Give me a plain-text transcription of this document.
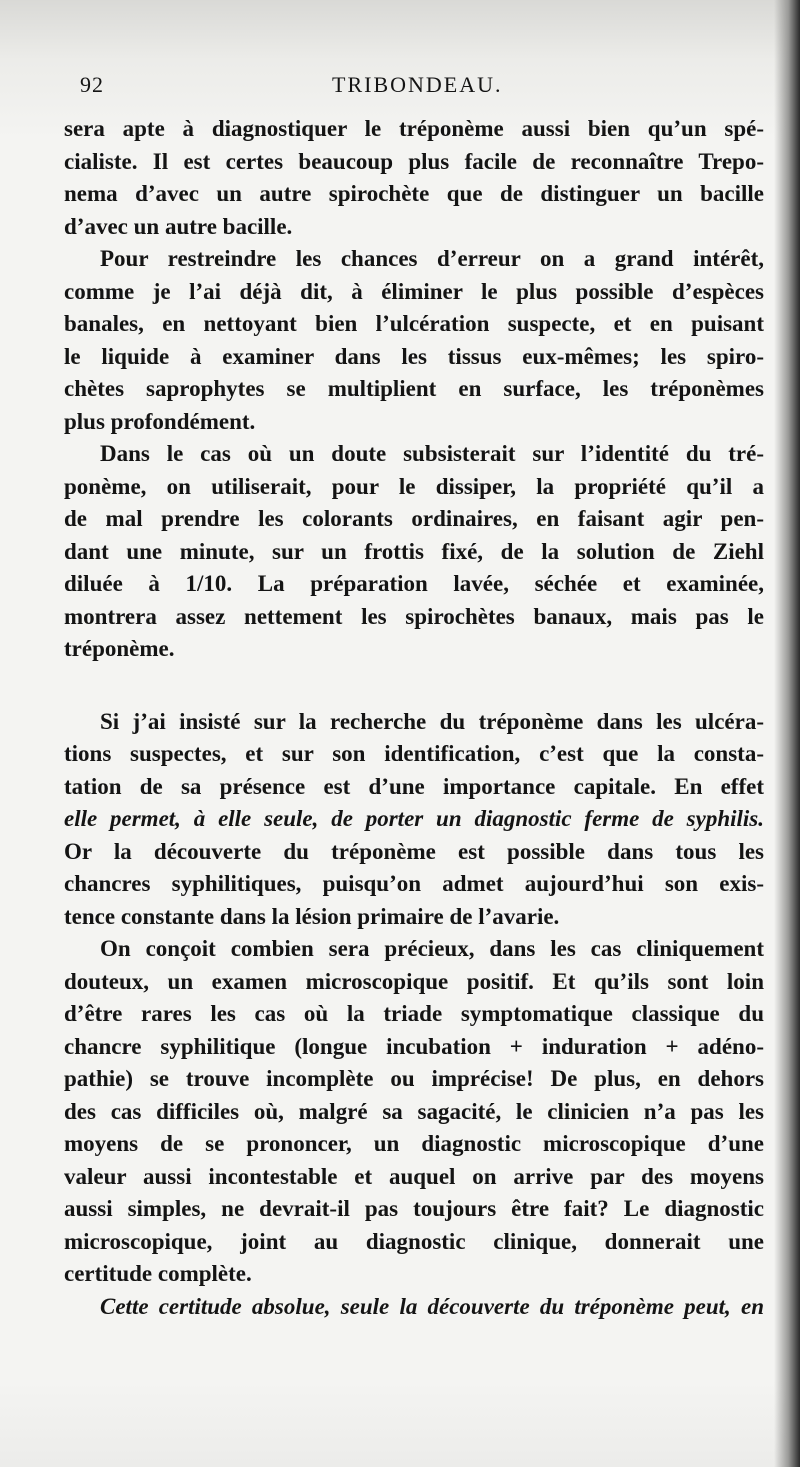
92	TRIBONDEAU.
sera apte à diagnostiquer le tréponème aussi bien qu’un spé-
cialiste. Il est certes beaucoup plus facile de reconnaître Trepo-
nema d’avec un autre spirochète que de distinguer un bacille
d’avec un autre bacille.
Pour restreindre les chances d’erreur on a grand intérêt,
comme je l’ai déjà dit, à éliminer le plus possible d’espèces
banales, en nettoyant bien l’ulcération suspecte, et en puisant
le liquide à examiner dans les tissus eux-mêmes; les spiro-
chètes saprophytes se multiplient en surface, les tréponèmes
plus profondément.
Dans le cas où un doute subsisterait sur l’identité du tré-
ponème, on utiliserait, pour le dissiper, la propriété qu’il a
de mal prendre les colorants ordinaires, en faisant agir pen-
dant une minute, sur un frottis fixé, de la solution de Ziehl
diluée à 1/10. La préparation lavée, séchée et examinée,
montrera assez nettement les spirochètes banaux, mais pas le
tréponème.
Si j’ai insisté sur la recherche du tréponème dans les ulcéra-
tions suspectes, et sur son identification, c’est que la consta-
tation de sa présence est d’une importance capitale. En effet
elle permet, à elle seule, de porter un diagnostic ferme de syphilis.
Or la découverte du tréponème est possible dans tous les
chancres syphilitiques, puisqu’on admet aujourd’hui son exis-
tence constante dans la lésion primaire de l’avarie.
On conçoit combien sera précieux, dans les cas cliniquement
douteux, un examen microscopique positif. Et qu’ils sont loin
d’être rares les cas où la triade symptomatique classique du
chancre syphilitique (longue incubation + induration + adéno-
pathie) se trouve incomplète ou imprécise! De plus, en dehors
des cas difficiles où, malgré sa sagacité, le clinicien n’a pas les
moyens de se prononcer, un diagnostic microscopique d’une
valeur aussi incontestable et auquel on arrive par des moyens
aussi simples, ne devrait-il pas toujours être fait? Le diagnostic
microscopique, joint au diagnostic clinique, donnerait une
certitude complète.
Cette certitude absolue, seule la découverte du tréponème peut, en
